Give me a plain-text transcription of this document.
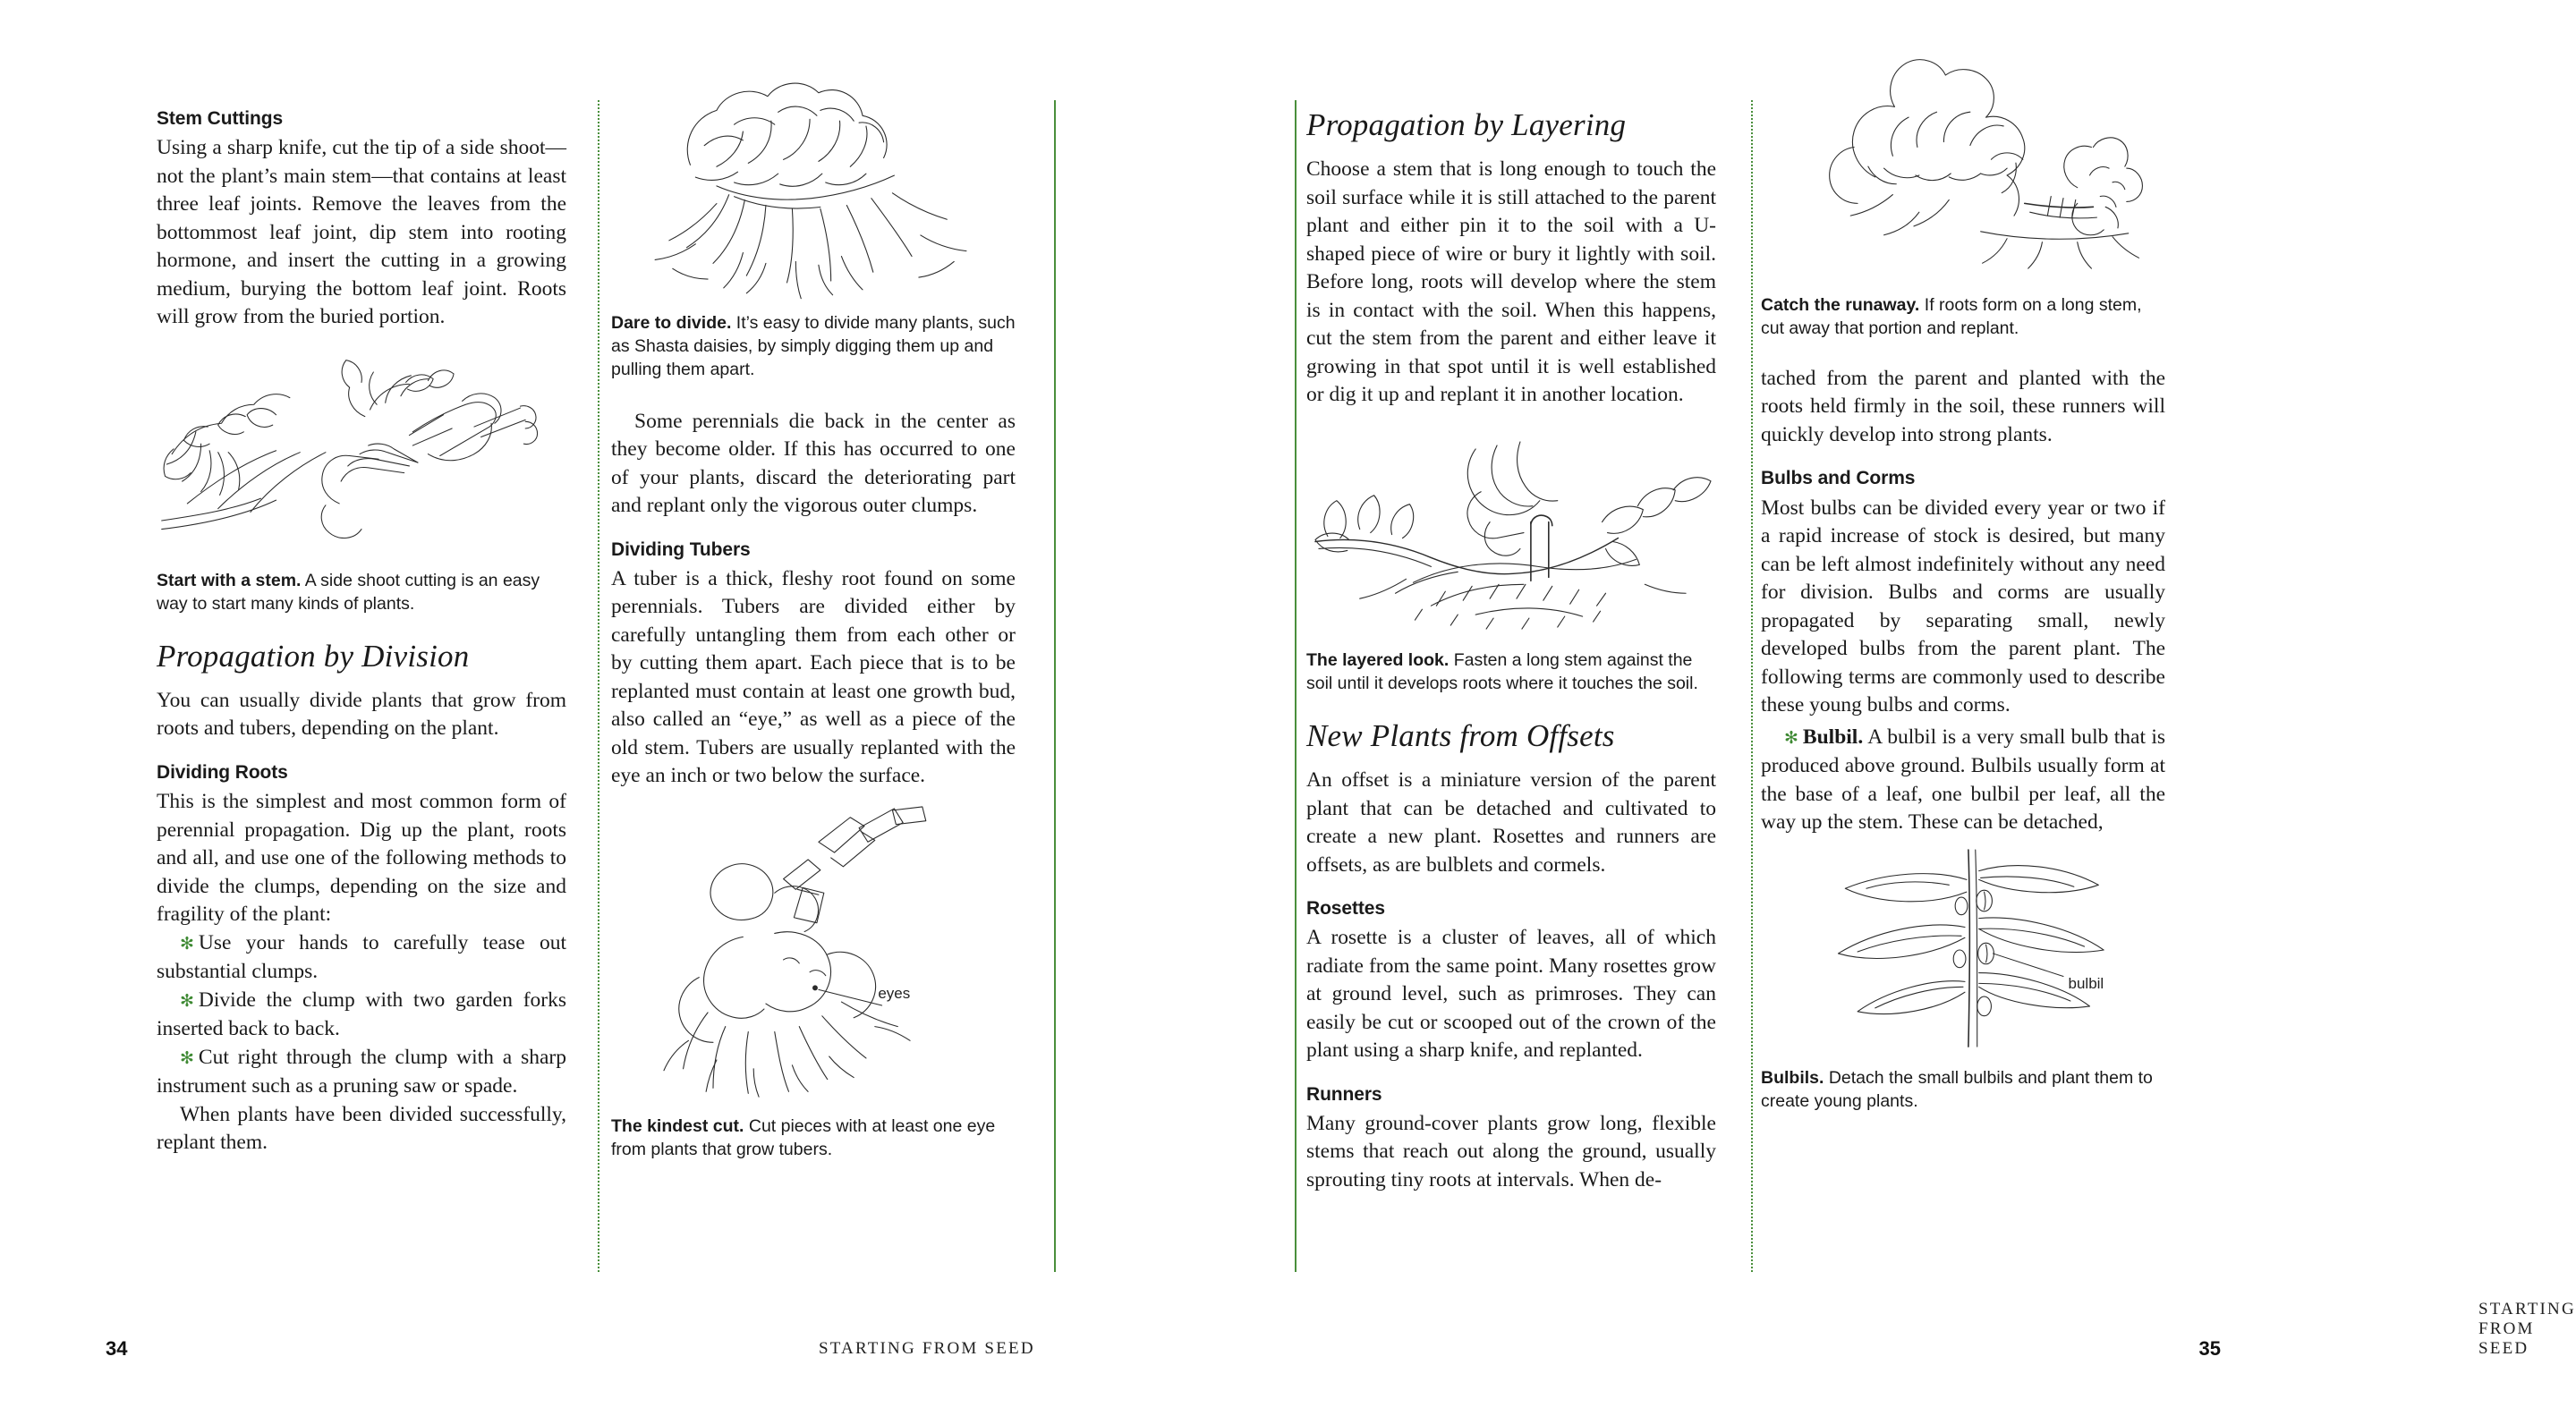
Stem Cuttings

Using a sharp knife, cut the tip of a side shoot—not the plant’s main stem—that contains at least three leaf joints. Remove the leaves from the bottommost leaf joint, dip stem into rooting hormone, and insert the cutting in a growing medium, burying the bottom leaf joint. Roots will grow from the buried portion.

Start with a stem. A side shoot cutting is an easy way to start many kinds of plants.

Propagation by Division

You can usually divide plants that grow from roots and tubers, depending on the plant.

Dividing Roots

This is the simplest and most common form of perennial propagation. Dig up the plant, roots and all, and use one of the following methods to divide the clumps, depending on the size and fragility of the plant:

✻ Use your hands to carefully tease out substantial clumps.
✻ Divide the clump with two garden forks inserted back to back.
✻ Cut right through the clump with a sharp instrument such as a pruning saw or spade.

When plants have been divided successfully, replant them.

Dare to divide. It’s easy to divide many plants, such as Shasta daisies, by simply digging them up and pulling them apart.

Some perennials die back in the center as they become older. If this has occurred to one of your plants, discard the deteriorating part and replant only the vigorous outer clumps.

Dividing Tubers

A tuber is a thick, fleshy root found on some perennials. Tubers are divided either by carefully untangling them from each other or by cutting them apart. Each piece that is to be replanted must contain at least one growth bud, also called an “eye,” as well as a piece of the old stem. Tubers are usually replanted with the eye an inch or two below the surface.

eyes

The kindest cut. Cut pieces with at least one eye from plants that grow tubers.

34	STARTING FROM SEED
Propagation by Layering

Choose a stem that is long enough to touch the soil surface while it is still attached to the parent plant and either pin it to the soil with a U-shaped piece of wire or bury it lightly with soil. Before long, roots will develop where the stem is in contact with the soil. When this happens, cut the stem from the parent and either leave it growing in that spot until it is well established or dig it up and replant it in another location.

The layered look. Fasten a long stem against the soil until it develops roots where it touches the soil.

New Plants from Offsets

An offset is a miniature version of the parent plant that can be detached and cultivated to create a new plant. Rosettes and runners are offsets, as are bulblets and cormels.

Rosettes

A rosette is a cluster of leaves, all of which radiate from the same point. Many rosettes grow at ground level, such as primroses. They can easily be cut or scooped out of the crown of the plant using a sharp knife, and replanted.

Runners

Many ground-cover plants grow long, flexible stems that reach out along the ground, usually sprouting tiny roots at intervals. When de-

Catch the runaway. If roots form on a long stem, cut away that portion and replant.

tached from the parent and planted with the roots held firmly in the soil, these runners will quickly develop into strong plants.

Bulbs and Corms

Most bulbs can be divided every year or two if a rapid increase of stock is desired, but many can be left almost indefinitely without any need for division. Bulbs and corms are usually propagated by separating small, newly developed bulbs from the parent plant. The following terms are commonly used to describe these young bulbs and corms.

✻ Bulbil. A bulbil is a very small bulb that is produced above ground. Bulbils usually form at the base of a leaf, one bulbil per leaf, all the way up the stem. These can be detached,

bulbil

Bulbils. Detach the small bulbils and plant them to create young plants.

35
STARTING FROM SEED
